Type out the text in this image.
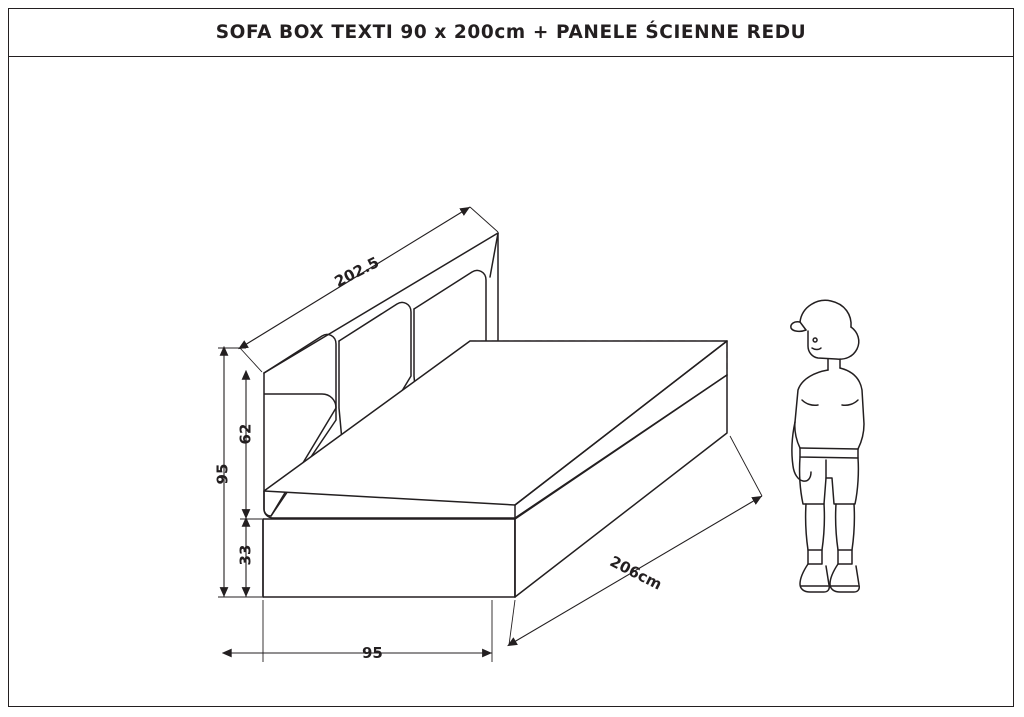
SOFA BOX TEXTI 90 x 200cm + PANELE ŚCIENNE REDU
202.5
95
62
33
95
206cm
